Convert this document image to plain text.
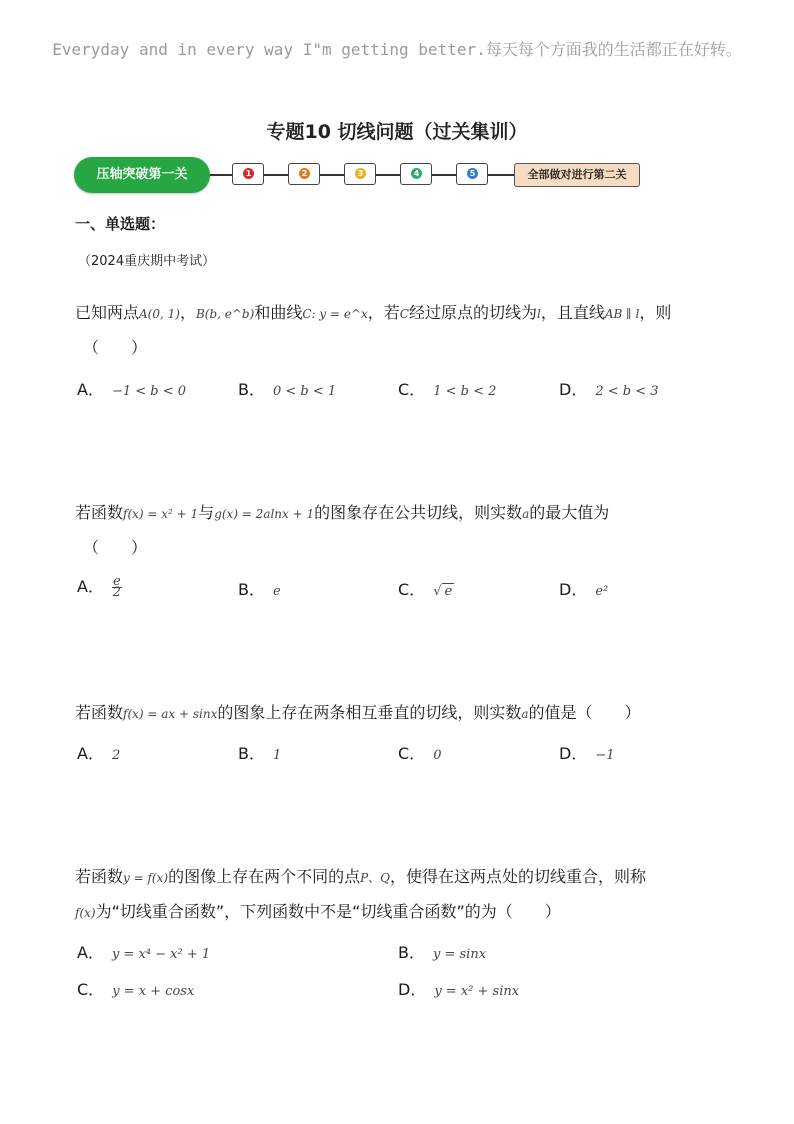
Everyday and in every way I"m getting better.每天每个方面我的生活都正在好转。
专题10 切线问题（过关集训）
压轴突破第一关	1	2	3	4	5	全部做对进行第二关
一、单选题：
（2024重庆期中考试）
已知两点A(0, 1)，B(b, e^b)和曲线C: y = e^x，若C经过原点的切线为l，且直线AB ∥ l，则
（　　）
A． −1 < b < 0	B． 0 < b < 1	C． 1 < b < 2	D． 2 < b < 3
若函数f(x) = x² + 1与g(x) = 2alnx + 1的图象存在公共切线，则实数a的最大值为
（　　）
A． $\frac{e}{2}$	B． e	C． √ e	D． e²
若函数f(x) = ax + sinx的图象上存在两条相互垂直的切线，则实数a的值是（　　）
A． 2	B． 1	C． 0	D． −1
若函数y = f(x)的图像上存在两个不同的点P、Q，使得在这两点处的切线重合，则称
f(x)为“切线重合函数”，下列函数中不是“切线重合函数”的为（　　）
A． y = x⁴ − x² + 1	B． y = sinx
C． y = x + cosx	D． y = x² + sinx
